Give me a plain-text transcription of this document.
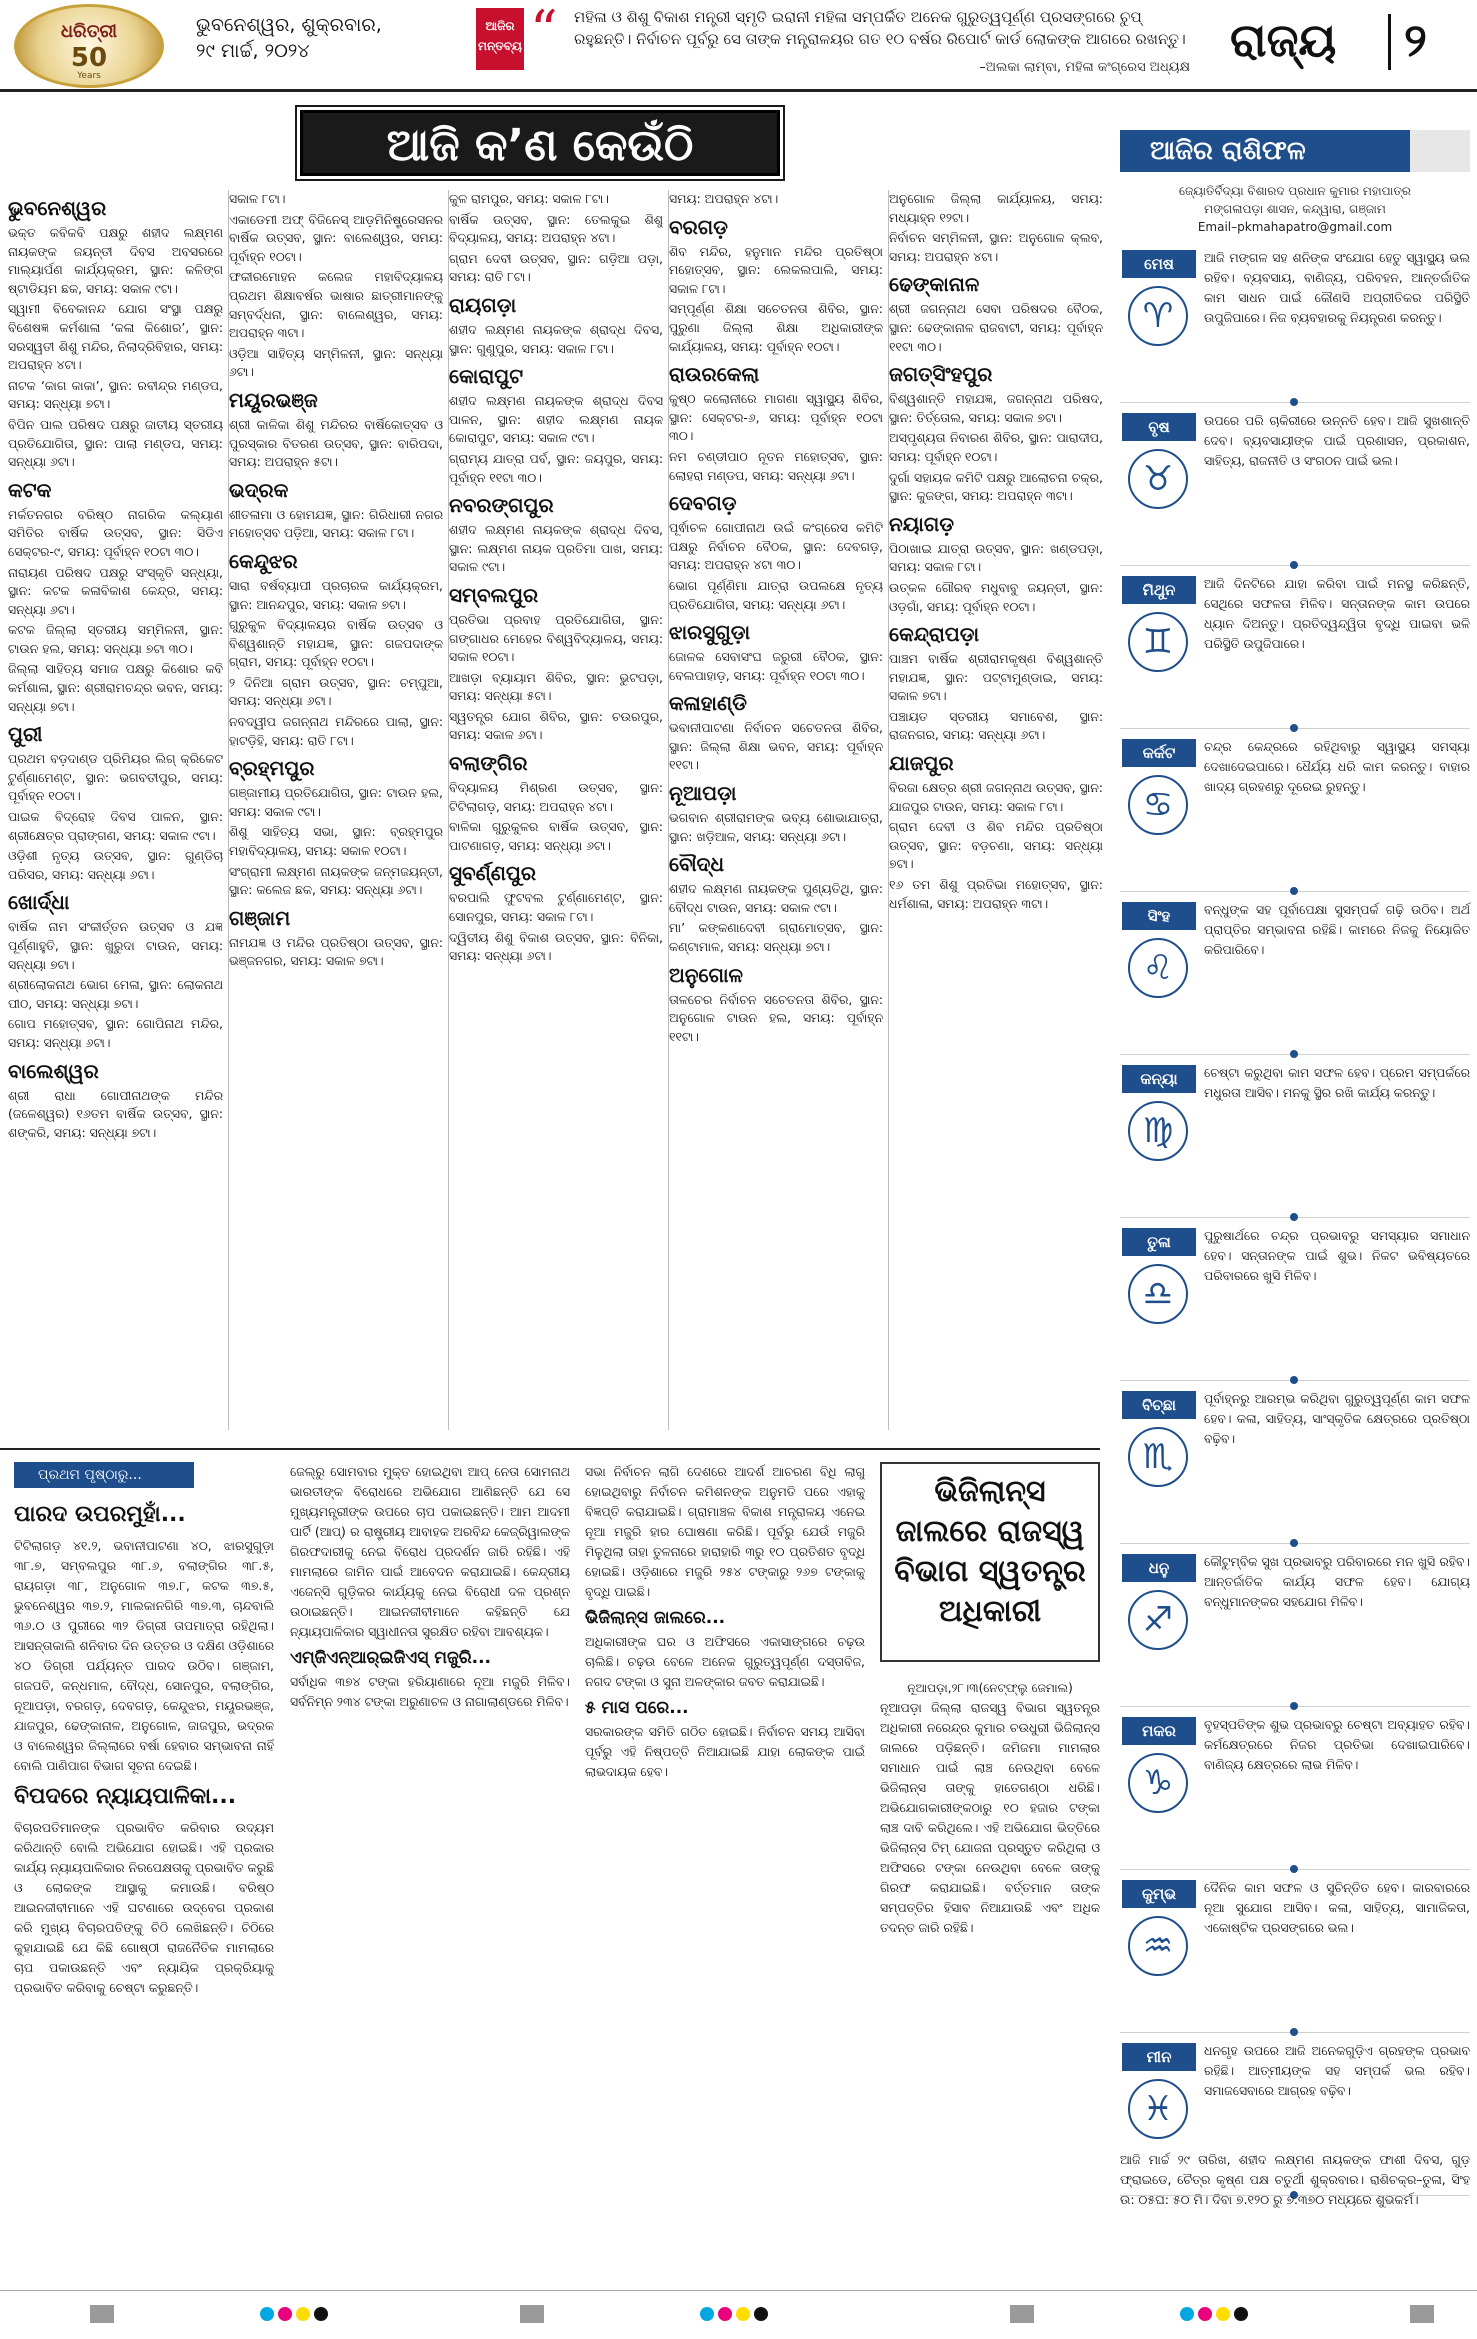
ଧରିତ୍ରୀ
50
Years
ଭୁବନେଶ୍ୱର, ଶୁକ୍ରବାର,
୨୯ ମାର୍ଚ୍ଚ, ୨୦୨୪
ଆଜିର ମନ୍ତବ୍ୟ “ ମହିଳା ଓ ଶିଶୁ ବିକାଶ ମନ୍ତ୍ରୀ ସ୍ମୃତି ଇରାନୀ ମହିଳା ସମ୍ପର୍କିତ ଅନେକ ଗୁରୁତ୍ୱପୂର୍ଣ୍ଣ ପ୍ରସଙ୍ଗରେ ଚୁପ୍ ରହୁଛନ୍ତି। ନିର୍ବାଚନ ପୂର୍ବରୁ ସେ ତାଙ୍କ ମନ୍ତ୍ରାଳୟର ଗତ ୧୦ ବର୍ଷର ରିପୋର୍ଟ କାର୍ଡ ଲୋକଙ୍କ ଆଗରେ ରଖନ୍ତୁ।
–ଅଲକା ଲାମ୍ବା, ମହିଳା କଂଗ୍ରେସ ଅଧ୍ୟକ୍ଷ
ରାଜ୍ୟ ୨
ଆଜି କ’ଣ କେଉଁଠି
ଭୁବନେଶ୍ୱର
ଭକ୍ତ କବିକବି ପକ୍ଷରୁ ଶହୀଦ ଲକ୍ଷ୍ମଣ ନାୟକଙ୍କ ଜୟନ୍ତୀ ଦିବସ ଅବସରରେ ମାଲ୍ୟାର୍ପଣ କାର୍ଯ୍ୟକ୍ରମ, ସ୍ଥାନ: କଳିଙ୍ଗ ଷ୍ଟାଡିୟମ ଛକ, ସମୟ: ସକାଳ ୯ଟା।
ସ୍ୱାମୀ ବିବେକାନନ୍ଦ ଯୋଗ ସଂସ୍ଥା ପକ୍ଷରୁ ବିଶେଷଜ୍ଞ କର୍ମଶାଳା ‘କଳା କିଶୋର’, ସ୍ଥାନ: ସରସ୍ୱତୀ ଶିଶୁ ମନ୍ଦିର, ନିଲାଦ୍ରିବିହାର, ସମୟ: ଅପରାହ୍ନ ୪ଟା।
ନାଟକ ‘କାଗ କାକା’, ସ୍ଥାନ: ରବୀନ୍ଦ୍ର ମଣ୍ଡପ, ସମୟ: ସନ୍ଧ୍ୟା ୭ଟା।
ବିପିନ ପାଲ ପରିଷଦ ପକ୍ଷରୁ ଜାତୀୟ ସ୍ତରୀୟ ପ୍ରତିଯୋଗିତା, ସ୍ଥାନ: ପାଲା ମଣ୍ଡପ, ସମୟ: ସନ୍ଧ୍ୟା ୬ଟା।
କଟକ
ମର୍କତନଗର ବରିଷ୍ଠ ନାଗରିକ କଲ୍ୟାଣ ସମିତିର ବାର୍ଷିକ ଉତ୍ସବ, ସ୍ଥାନ: ସିଡିଏ ସେକ୍ଟର-୯, ସମୟ: ପୂର୍ବାହ୍ନ ୧୦ଟା ୩୦।
ନାରାୟଣ ପରିଷଦ ପକ୍ଷରୁ ସଂସ୍କୃତି ସନ୍ଧ୍ୟା, ସ୍ଥାନ: କଟକ କଳାବିକାଶ କେନ୍ଦ୍ର, ସମୟ: ସନ୍ଧ୍ୟା ୬ଟା।
କଟକ ଜିଲ୍ଲା ସ୍ତରୀୟ ସମ୍ମିଳନୀ, ସ୍ଥାନ: ଟାଉନ ହଲ, ସମୟ: ସନ୍ଧ୍ୟା ୭ଟା ୩୦।
ଜିଲ୍ଲା ସାହିତ୍ୟ ସମାଜ ପକ୍ଷରୁ କିଶୋର କବି କର୍ମଶାଳା, ସ୍ଥାନ: ଶ୍ରୀରାମଚନ୍ଦ୍ର ଭବନ, ସମୟ: ସନ୍ଧ୍ୟା ୭ଟା।
ପୁରୀ
ପ୍ରଥମ ବଡ଼ଦାଣ୍ଡ ପ୍ରିମିୟର ଲିଗ୍ କ୍ରିକେଟ ଟୁର୍ଣ୍ଣାମେଣ୍ଟ, ସ୍ଥାନ: ଭଗବତୀପୁର, ସମୟ: ପୂର୍ବାହ୍ନ ୧୦ଟା।
ପାଇକ ବିଦ୍ରୋହ ଦିବସ ପାଳନ, ସ୍ଥାନ: ଶ୍ରୀକ୍ଷେତ୍ର ପ୍ରାଙ୍ଗଣ, ସମୟ: ସକାଳ ୯ଟା।
ଓଡ଼ିଶୀ ନୃତ୍ୟ ଉତ୍ସବ, ସ୍ଥାନ: ଗୁଣ୍ଡିଚା ପରିସର, ସମୟ: ସନ୍ଧ୍ୟା ୬ଟା।
ଖୋର୍ଦ୍ଧା
ବାର୍ଷିକ ନାମ ସଂକୀର୍ତ୍ତନ ଉତ୍ସବ ଓ ଯଜ୍ଞ ପୂର୍ଣ୍ଣାହୁତି, ସ୍ଥାନ: ଖୁରୁଦା ଟାଉନ, ସମୟ: ସନ୍ଧ୍ୟା ୭ଟା।
ଶ୍ରୀଲୋକନାଥ ଭୋଗ ମେଳା, ସ୍ଥାନ: ଲୋକନାଥ ପୀଠ, ସମୟ: ସନ୍ଧ୍ୟା ୭ଟା।
ଗୋପ ମହୋତ୍ସବ, ସ୍ଥାନ: ଗୋପିନାଥ ମନ୍ଦିର, ସମୟ: ସନ୍ଧ୍ୟା ୬ଟା।
ବାଲେଶ୍ୱର
ଶ୍ରୀ ରାଧା ଗୋପୀନାଥଙ୍କ ମନ୍ଦିର (ଜଳେଶ୍ୱର) ୧୬ତମ ବାର୍ଷିକ ଉତ୍ସବ, ସ୍ଥାନ: ଶଙ୍କରି, ସମୟ: ସନ୍ଧ୍ୟା ୭ଟା।
ସକାଳ ୮ଟା।
ଏକାଡେମୀ ଅଫ୍ ବିଜିନେସ୍ ଆଡ଼ମିନିଷ୍ଟ୍ରେସନର ବାର୍ଷିକ ଉତ୍ସବ, ସ୍ଥାନ: ବାଲେଶ୍ୱର, ସମୟ: ପୂର୍ବାହ୍ନ ୧୦ଟା।
ଫକୀରମୋହନ କଲେଜ ମହାବିଦ୍ୟାଳୟ ପ୍ରଥମ ଶିକ୍ଷାବର୍ଷର ଭାଷାର ଛାତ୍ରୀମାନଙ୍କୁ ସମ୍ବର୍ଦ୍ଧନା, ସ୍ଥାନ: ବାଲେଶ୍ୱର, ସମୟ: ଅପରାହ୍ନ ୩ଟା।
ଓଡ଼ିଆ ସାହିତ୍ୟ ସମ୍ମିଳନୀ, ସ୍ଥାନ: ସନ୍ଧ୍ୟା ୬ଟା।
ମୟୂରଭଞ୍ଜ
ଶ୍ରୀ କାଳିକା ଶିଶୁ ମନ୍ଦିରର ବାର୍ଷିକୋତ୍ସବ ଓ ପୁରସ୍କାର ବିତରଣ ଉତ୍ସବ, ସ୍ଥାନ: ବାରିପଦା, ସମୟ: ଅପରାହ୍ନ ୫ଟା।
ଭଦ୍ରକ
ଶୀତଳାମା ଓ ହୋମଯଜ୍ଞ, ସ୍ଥାନ: ଗିରିଧାରୀ ନଗର ମହୋତ୍ସବ ପଡ଼ିଆ, ସମୟ: ସକାଳ ୮ଟା।
କେନ୍ଦୁଝର
ସାରା ବର୍ଷବ୍ୟାପୀ ପ୍ରଚାରକ କାର୍ଯ୍ୟକ୍ରମ, ସ୍ଥାନ: ଆନନ୍ଦପୁର, ସମୟ: ସକାଳ ୭ଟା।
ଗୁରୁକୁଳ ବିଦ୍ୟାଳୟର ବାର୍ଷିକ ଉତ୍ସବ ଓ ବିଶ୍ୱଶାନ୍ତି ମହାଯଜ୍ଞ, ସ୍ଥାନ: ଗଜପଦାଙ୍କ ଗ୍ରାମ, ସମୟ: ପୂର୍ବାହ୍ନ ୧୦ଟା।
୨ ଦିନିଆ ଗ୍ରାମ ଉତ୍ସବ, ସ୍ଥାନ: ଚମ୍ପୁଆ, ସମୟ: ସନ୍ଧ୍ୟା ୬ଟା।
ନବଦ୍ୱୀପ ଜଗନ୍ନାଥ ମନ୍ଦିରରେ ପାଲା, ସ୍ଥାନ: ହାଟଡ଼ିହି, ସମୟ: ରାତି ୮ଟା।
ବ୍ରହ୍ମପୁର
ଗଞ୍ଜାମୀୟ ପ୍ରତିଯୋଗିତା, ସ୍ଥାନ: ଟାଉନ ହଲ, ସମୟ: ସକାଳ ୯ଟା।
ଶିଶୁ ସାହିତ୍ୟ ସଭା, ସ୍ଥାନ: ବ୍ରହ୍ମପୁର ମହାବିଦ୍ୟାଳୟ, ସମୟ: ସକାଳ ୧୦ଟା।
ସଂଗ୍ରାମୀ ଲକ୍ଷ୍ମଣ ନାୟକଙ୍କ ଜନ୍ମଜୟନ୍ତୀ, ସ୍ଥାନ: କଲେଜ ଛକ, ସମୟ: ସନ୍ଧ୍ୟା ୬ଟା।
ଗଞ୍ଜାମ
ନାମଯଜ୍ଞ ଓ ମନ୍ଦିର ପ୍ରତିଷ୍ଠା ଉତ୍ସବ, ସ୍ଥାନ: ଭଞ୍ଜନଗର, ସମୟ: ସକାଳ ୭ଟା।
କୁଳ ରାମପୁର, ସମୟ: ସକାଳ ୮ଟା।
ବାର୍ଷିକ ଉତ୍ସବ, ସ୍ଥାନ: ତେଲକୁଇ ଶିଶୁ ବିଦ୍ୟାଳୟ, ସମୟ: ଅପରାହ୍ନ ୪ଟା।
ଗ୍ରାମ ଦେବୀ ଉତ୍ସବ, ସ୍ଥାନ: ଗଡ଼ିଆ ପଡ଼ା, ସମୟ: ରାତି ୮ଟା।
ରାୟଗଡ଼ା
ଶହୀଦ ଲକ୍ଷ୍ମଣ ନାୟକଙ୍କ ଶ୍ରାଦ୍ଧ ଦିବସ, ସ୍ଥାନ: ଗୁଣୁପୁର, ସମୟ: ସକାଳ ୮ଟା।
କୋରାପୁଟ
ଶହୀଦ ଲକ୍ଷ୍ମଣ ନାୟକଙ୍କ ଶ୍ରାଦ୍ଧ ଦିବସ ପାଳନ, ସ୍ଥାନ: ଶହୀଦ ଲକ୍ଷ୍ମଣ ନାୟକ କୋରାପୁଟ, ସମୟ: ସକାଳ ୯ଟା।
ଗ୍ରାମ୍ୟ ଯାତ୍ରା ପର୍ବ, ସ୍ଥାନ: ଜୟପୁର, ସମୟ: ପୂର୍ବାହ୍ନ ୧୧ଟା ୩୦।
ନବରଙ୍ଗପୁର
ଶହୀଦ ଲକ୍ଷ୍ମଣ ନାୟକଙ୍କ ଶ୍ରାଦ୍ଧ ଦିବସ, ସ୍ଥାନ: ଲକ୍ଷ୍ମଣ ନାୟକ ପ୍ରତିମା ପାଖ, ସମୟ: ସକାଳ ୯ଟା।
ସମ୍ବଲପୁର
ପ୍ରତିଭା ପ୍ରବାହ ପ୍ରତିଯୋଗିତା, ସ୍ଥାନ: ଗଙ୍ଗାଧର ମେହେର ବିଶ୍ୱବିଦ୍ୟାଳୟ, ସମୟ: ସକାଳ ୧୦ଟା।
ଆଖଡ଼ା ବ୍ୟାୟାମ ଶିବିର, ସ୍ଥାନ: ଭୁଟପଡ଼ା, ସମୟ: ସନ୍ଧ୍ୟା ୫ଟା।
ସ୍ୱତନ୍ତ୍ର ଯୋଗ ଶିବିର, ସ୍ଥାନ: ଚଉରପୁର, ସମୟ: ସକାଳ ୬ଟା।
ବଲାଙ୍ଗିର
ବିଦ୍ୟାଳୟ ମିଶ୍ରଣ ଉତ୍ସବ, ସ୍ଥାନ: ଟିଟିଲାଗଡ଼, ସମୟ: ଅପରାହ୍ନ ୪ଟା।
ବାଳିକା ଗୁରୁକୁଳର ବାର୍ଷିକ ଉତ୍ସବ, ସ୍ଥାନ: ପାଟଣାଗଡ଼, ସମୟ: ସନ୍ଧ୍ୟା ୬ଟା।
ସୁବର୍ଣ୍ଣପୁର
ବରପାଲି ଫୁଟବଲ ଟୁର୍ଣ୍ଣାମେଣ୍ଟ, ସ୍ଥାନ: ସୋନପୁର, ସମୟ: ସକାଳ ୮ଟା।
ଦ୍ୱିତୀୟ ଶିଶୁ ବିକାଶ ଉତ୍ସବ, ସ୍ଥାନ: ବିନିକା, ସମୟ: ସନ୍ଧ୍ୟା ୬ଟା।
ସମୟ: ଅପରାହ୍ନ ୪ଟା।
ବରଗଡ଼
ଶିବ ମନ୍ଦିର, ହନୁମାନ ମନ୍ଦିର ପ୍ରତିଷ୍ଠା ମହୋତ୍ସବ, ସ୍ଥାନ: ଲେକଲପାଲି, ସମୟ: ସକାଳ ୮ଟା।
ସମ୍ପୂର୍ଣ୍ଣ ଶିକ୍ଷା ସଚେତନତା ଶିବିର, ସ୍ଥାନ: ପୁରୁଣା ଜିଲ୍ଲା ଶିକ୍ଷା ଅଧିକାରୀଙ୍କ କାର୍ଯ୍ୟାଳୟ, ସମୟ: ପୂର୍ବାହ୍ନ ୧୦ଟା।
ରାଉରକେଲା
କୁଷ୍ଠ କଲୋନୀରେ ମାଗଣା ସ୍ୱାସ୍ଥ୍ୟ ଶିବିର, ସ୍ଥାନ: ସେକ୍ଟର-୬, ସମୟ: ପୂର୍ବାହ୍ନ ୧୦ଟା ୩୦।
ନମ ଚଣ୍ଡୀପାଠ ନୂତନ ମହୋତ୍ସବ, ସ୍ଥାନ: ଲୋହରା ମଣ୍ଡପ, ସମୟ: ସନ୍ଧ୍ୟା ୬ଟା।
ଦେବଗଡ଼
ପୂର୍ଵାଚଳ ଗୋପୀନାଥ ଉଇଁ କଂଗ୍ରେସ କମିଟି ପକ୍ଷରୁ ନିର୍ବାଚନ ବୈଠକ, ସ୍ଥାନ: ଦେବଗଡ଼, ସମୟ: ଅପରାହ୍ନ ୪ଟା ୩୦।
ଭୋଗ ପୂର୍ଣ୍ଣିମା ଯାତ୍ରା ଉପଲକ୍ଷେ ନୃତ୍ୟ ପ୍ରତିଯୋଗିତା, ସମୟ: ସନ୍ଧ୍ୟା ୬ଟା।
ଝାରସୁଗୁଡ଼ା
ଜୋଳକ ସେବାସଂଘ ଜରୁରୀ ବୈଠକ, ସ୍ଥାନ: ବେଲପାହାଡ଼, ସମୟ: ପୂର୍ବାହ୍ନ ୧୦ଟା ୩୦।
କଳାହାଣ୍ଡି
ଭବାନୀପାଟଣା ନିର୍ବାଚନ ସଚେତନତା ଶିବିର, ସ୍ଥାନ: ଜିଲ୍ଲା ଶିକ୍ଷା ଭବନ, ସମୟ: ପୂର୍ବାହ୍ନ ୧୧ଟା।
ନୂଆପଡ଼ା
ଭଗବାନ ଶ୍ରୀରାମଙ୍କ ଭବ୍ୟ ଶୋଭାଯାତ୍ରା, ସ୍ଥାନ: ଖଡ଼ିଆଳ, ସମୟ: ସନ୍ଧ୍ୟା ୬ଟା।
ବୌଦ୍ଧ
ଶହୀଦ ଲକ୍ଷ୍ମଣ ନାୟକଙ୍କ ପୁଣ୍ୟତିଥି, ସ୍ଥାନ: ବୌଦ୍ଧ ଟାଉନ, ସମୟ: ସକାଳ ୯ଟା।
ମା’ କଙ୍କଣାଦେବୀ ଗ୍ରାମୋତ୍ସବ, ସ୍ଥାନ: କଣ୍ଟାମାଳ, ସମୟ: ସନ୍ଧ୍ୟା ୭ଟା।
ଅନୁଗୋଳ
ତାଳଚେର ନିର୍ବାଚନ ସଚେତନତା ଶିବିର, ସ୍ଥାନ: ଅନୁଗୋଳ ଟାଉନ ହଲ, ସମୟ: ପୂର୍ବାହ୍ନ ୧୧ଟା।
ଅନୁଗୋଳ ଜିଲ୍ଲା କାର୍ଯ୍ୟାଳୟ, ସମୟ: ମଧ୍ୟାହ୍ନ ୧୨ଟା।
ନିର୍ବାଚନ ସମ୍ମିଳନୀ, ସ୍ଥାନ: ଅନୁଗୋଳ କ୍ଲବ, ସମୟ: ଅପରାହ୍ନ ୪ଟା।
ଢେଙ୍କାନାଳ
ଶ୍ରୀ ଜଗନ୍ନାଥ ସେବା ପରିଷଦର ବୈଠକ, ସ୍ଥାନ: ଢେଙ୍କାନାଳ ରାଜବାଟୀ, ସମୟ: ପୂର୍ବାହ୍ନ ୧୧ଟା ୩୦।
ଜଗତ୍‌ସିଂହପୁର
ବିଶ୍ୱଶାନ୍ତି ମହାଯଜ୍ଞ, ଜଗନ୍ନାଥ ପରିଷଦ, ସ୍ଥାନ: ତିର୍ତ୍ତୋଲ, ସମୟ: ସକାଳ ୭ଟା।
ଅସ୍ପୃଶ୍ୟତା ନିବାରଣ ଶିବିର, ସ୍ଥାନ: ପାରାଦୀପ, ସମୟ: ପୂର୍ବାହ୍ନ ୧୦ଟା।
ଦୁର୍ଗା ସହାୟକ କମିଟି ପକ୍ଷରୁ ଆଲୋଚନା ଚକ୍ର, ସ୍ଥାନ: କୁଜଙ୍ଗ, ସମୟ: ଅପରାହ୍ନ ୩ଟା।
ନୟାଗଡ଼
ପିଠାଖାଇ ଯାତ୍ରା ଉତ୍ସବ, ସ୍ଥାନ: ଖଣ୍ଡପଡ଼ା, ସମୟ: ସକାଳ ୮ଟା।
ଉତ୍କଳ ଗୌରବ ମଧୁବାବୁ ଜୟନ୍ତୀ, ସ୍ଥାନ: ଓଡ଼ଗାଁ, ସମୟ: ପୂର୍ବାହ୍ନ ୧୦ଟା।
କେନ୍ଦ୍ରାପଡ଼ା
ପାଞ୍ଚମ ବାର୍ଷିକ ଶ୍ରୀରାମକୃଷ୍ଣ ବିଶ୍ୱଶାନ୍ତି ମହାଯଜ୍ଞ, ସ୍ଥାନ: ପଟ୍ଟାମୁଣ୍ଡାଇ, ସମୟ: ସକାଳ ୭ଟା।
ପଞ୍ଚାୟତ ସ୍ତରୀୟ ସମାବେଶ, ସ୍ଥାନ: ରାଜନଗର, ସମୟ: ସନ୍ଧ୍ୟା ୬ଟା।
ଯାଜପୁର
ବିରଜା କ୍ଷେତ୍ର ଶ୍ରୀ ଜଗନ୍ନାଥ ଉତ୍ସବ, ସ୍ଥାନ: ଯାଜପୁର ଟାଉନ, ସମୟ: ସକାଳ ୮ଟା।
ଗ୍ରାମ ଦେବୀ ଓ ଶିବ ମନ୍ଦିର ପ୍ରତିଷ୍ଠା ଉତ୍ସବ, ସ୍ଥାନ: ବଡ଼ଚଣା, ସମୟ: ସନ୍ଧ୍ୟା ୭ଟା।
୧୬ ତମ ଶିଶୁ ପ୍ରତିଭା ମହୋତ୍ସବ, ସ୍ଥାନ: ଧର୍ମଶାଳା, ସମୟ: ଅପରାହ୍ନ ୩ଟା।
ଆଜିର ରାଶିଫଳ
ଜ୍ୟୋତିର୍ବିଦ୍ୟା ବିଶାରଦ ପ୍ରଧାନ କୁମାର ମହାପାତ୍ର
ମଙ୍ଗଳାପଡ଼ା ଶାସନ, କନ୍ଦ୍ୱାରା, ଗଞ୍ଜାମ
Email–pkmahapatro@gmail.com
ମେଷ
♈
ଆଜି ମଙ୍ଗଳ ସହ ଶନିଙ୍କ ସଂଯୋଗ ହେତୁ ସ୍ୱାସ୍ଥ୍ୟ ଭଲ ରହିବ। ବ୍ୟବସାୟ, ବାଣିଜ୍ୟ, ପରିବହନ, ଆନ୍ତର୍ଜାତିକ କାମ ସାଧନ ପାଇଁ କୌଣସି ଅପ୍ରୀତିକର ପରିସ୍ଥିତି ଉପୁଜିପାରେ। ନିଜ ବ୍ୟବହାରକୁ ନିୟନ୍ତ୍ରଣ କରନ୍ତୁ।
ବୃଷ
♉
ଉପରେ ପରି ଚାକିରୀରେ ଉନ୍ନତି ହେବ। ଆଜି ସୁଖଶାନ୍ତି ଦେବ। ବ୍ୟବସାୟୀଙ୍କ ପାଇଁ ପ୍ରଶାସନ, ପ୍ରକାଶନ, ସାହିତ୍ୟ, ରାଜନୀତି ଓ ସଂଗଠନ ପାଇଁ ଭଲ।
ମିଥୁନ
♊
ଆଜି ଦିନଟିରେ ଯାହା କରିବା ପାଇଁ ମନସ୍ଥ କରିଛନ୍ତି, ସେଥିରେ ସଫଳତା ମିଳିବ। ସନ୍ତାନଙ୍କ କାମ ଉପରେ ଧ୍ୟାନ ଦିଅନ୍ତୁ। ପ୍ରତିଦ୍ୱନ୍ଦ୍ୱିତା ବୃଦ୍ଧି ପାଇବା ଭଳି ପରିସ୍ଥିତି ଉପୁଜିପାରେ।
କର୍କଟ
♋
ଚନ୍ଦ୍ର କେନ୍ଦ୍ରରେ ରହିଥିବାରୁ ସ୍ୱାସ୍ଥ୍ୟ ସମସ୍ୟା ଦେଖାଦେଇପାରେ। ଧୈର୍ଯ୍ୟ ଧରି କାମ କରନ୍ତୁ। ବାହାର ଖାଦ୍ୟ ଗ୍ରହଣରୁ ଦୂରେଇ ରୁହନ୍ତୁ।
ସିଂହ
♌
ବନ୍ଧୁଙ୍କ ସହ ପୂର୍ବାପେକ୍ଷା ସୁସମ୍ପର୍କ ଗଢ଼ି ଉଠିବ। ଅର୍ଥ ପ୍ରାପ୍ତିର ସମ୍ଭାବନା ରହିଛି। କାମରେ ନିଜକୁ ନିୟୋଜିତ କରିପାରିବେ।
କନ୍ୟା
♍
ଚେଷ୍ଟା କରୁଥିବା କାମ ସଫଳ ହେବ। ପ୍ରେମ ସମ୍ପର୍କରେ ମଧୁରତା ଆସିବ। ମନକୁ ସ୍ଥିର ରଖି କାର୍ଯ୍ୟ କରନ୍ତୁ।
ତୁଳା
♎
ପୁରୁଷାର୍ଥରେ ଚନ୍ଦ୍ର ପ୍ରଭାବରୁ ସମସ୍ୟାର ସମାଧାନ ହେବ। ସନ୍ତାନଙ୍କ ପାଇଁ ଶୁଭ। ନିକଟ ଭବିଷ୍ୟତରେ ପରିବାରରେ ଖୁସି ମିଳିବ।
ବିଚ୍ଛା
♏
ପୂର୍ବାହ୍ନରୁ ଆରମ୍ଭ କରିଥିବା ଗୁରୁତ୍ୱପୂର୍ଣ୍ଣ କାମ ସଫଳ ହେବ। କଳା, ସାହିତ୍ୟ, ସାଂସ୍କୃତିକ କ୍ଷେତ୍ରରେ ପ୍ରତିଷ୍ଠା ବଢ଼ିବ।
ଧନୁ
♐
କୌଟୁମ୍ବିକ ସୁଖ ପ୍ରଭାବରୁ ପରିବାରରେ ମନ ଖୁସି ରହିବ। ଆନ୍ତର୍ଜାତିକ କାର୍ଯ୍ୟ ସଫଳ ହେବ। ଯୋଗ୍ୟ ବନ୍ଧୁମାନଙ୍କର ସହଯୋଗ ମିଳିବ।
ମକର
♑
ବୃହସ୍ପତିଙ୍କ ଶୁଭ ପ୍ରଭାବରୁ ଚେଷ୍ଟା ଅବ୍ୟାହତ ରହିବ। କର୍ମକ୍ଷେତ୍ରରେ ନିଜର ପ୍ରତିଭା ଦେଖାଇପାରିବେ। ବାଣିଜ୍ୟ କ୍ଷେତ୍ରରେ ଲାଭ ମିଳିବ।
କୁମ୍ଭ
♒
ଦୈନିକ କାମ ସଫଳ ଓ ସୁଚିନ୍ତିତ ହେବ। କାରବାରରେ ନୂଆ ସୁଯୋଗ ଆସିବ। କଳା, ସାହିତ୍ୟ, ସାମାଜିକତା, ଏକୋଷ୍ଟିକ ପ୍ରସଙ୍ଗରେ ଭଲ।
ମୀନ
♓
ଧନଗୃହ ଉପରେ ଆଜି ଅନେକଗୁଡ଼ିଏ ଗ୍ରହଙ୍କ ପ୍ରଭାବ ରହିଛି। ଆତ୍ମୀୟଙ୍କ ସହ ସମ୍ପର୍କ ଭଲ ରହିବ। ସମାଜସେବାରେ ଆଗ୍ରହ ବଢ଼ିବ।
ଆଜି ମାର୍ଚ୍ଚ ୨୯ ତାରିଖ, ଶହୀଦ ଲକ୍ଷ୍ମଣ ନାୟକଙ୍କ ଫାଶୀ ଦିବସ, ଗୁଡ଼ ଫ୍ରାଇଡେ, ଚୈତ୍ର କୃଷ୍ଣ ପକ୍ଷ ଚତୁର୍ଥୀ ଶୁକ୍ରବାର। ରାଶିଚକ୍ର–ତୁଳା, ସିଂହ ଉ: ୦୫ଘ: ୫୦ ମି। ଦିବା ୭.୧୨୦ ରୁ ୭.୩୭୦ ମଧ୍ୟରେ ଶୁଭକର୍ମ।
ପାରଦ ଉପରମୁହାଁ...
ଟିଟିଲାଗଡ଼ ୪୧.୨, ଭବାନୀପାଟଣା ୪୦, ଝାରସୁଗୁଡ଼ା ୩୮.୭, ସମ୍ବଲପୁର ୩୮.୬, ବଲାଙ୍ଗିର ୩୮.୫, ରାୟଗଡ଼ା ୩୮, ଅନୁଗୋଳ ୩୭.୮, କଟକ ୩୭.୫, ଭୁବନେଶ୍ୱର ୩୭.୨, ମାଲକାନଗିରି ୩୭.୩, ଚାନ୍ଦବାଲି ୩୬.୦ ଓ ପୁରୀରେ ୩୨ ଡିଗ୍ରୀ ତାପମାତ୍ରା ରହିଥିଲା। ଆସନ୍ତାକାଲି ଶନିବାର ଦିନ ଉତ୍ତର ଓ ଦକ୍ଷିଣ ଓଡ଼ିଶାରେ ୪୦ ଡିଗ୍ରୀ ପର୍ଯ୍ୟନ୍ତ ପାରଦ ଉଠିବ। ଗଞ୍ଜାମ, ଗଜପତି, କନ୍ଧମାଳ, ବୌଦ୍ଧ, ସୋନପୁର, ବଲାଙ୍ଗିର, ନୂଆପଡ଼ା, ବରଗଡ଼, ଦେବଗଡ଼, କେନ୍ଦୁଝର, ମୟୂରଭଞ୍ଜ, ଯାଜପୁର, ଢେଙ୍କାନାଳ, ଅନୁଗୋଳ, ଜାଜପୁର, ଭଦ୍ରକ ଓ ବାଲେଶ୍ୱର ଜିଲ୍ଲାରେ ବର୍ଷା ହେବାର ସମ୍ଭାବନା ନାହିଁ ବୋଲି ପାଣିପାଗ ବିଭାଗ ସୂଚନା ଦେଇଛି।
ବିପଦରେ ନ୍ୟାୟପାଳିକା...
ବିଚାରପତିମାନଙ୍କ ପ୍ରଭାବିତ କରିବାର ଉଦ୍ୟମ କରିଥାନ୍ତି ବୋଲି ଅଭିଯୋଗ ହୋଇଛି। ଏହି ପ୍ରକାର କାର୍ଯ୍ୟ ନ୍ୟାୟପାଳିକାର ନିରପେକ୍ଷତାକୁ ପ୍ରଭାବିତ କରୁଛି ଓ ଲୋକଙ୍କ ଆସ୍ଥାକୁ କମାଉଛି। ବରିଷ୍ଠ ଆଇନଜୀବୀମାନେ ଏହି ଘଟଣାରେ ଉଦ୍‌ବେଗ ପ୍ରକାଶ କରି ମୁଖ୍ୟ ବିଚାରପତିଙ୍କୁ ଚିଠି ଲେଖିଛନ୍ତି। ଚିଠିରେ କୁହାଯାଇଛି ଯେ କିଛି ଗୋଷ୍ଠୀ ରାଜନୈତିକ ମାମଲାରେ ଚାପ ପକାଉଛନ୍ତି ଏବଂ ନ୍ୟାୟିକ ପ୍ରକ୍ରିୟାକୁ ପ୍ରଭାବିତ କରିବାକୁ ଚେଷ୍ଟା କରୁଛନ୍ତି।
ପ୍ରଥମ ପୃଷ୍ଠାରୁ...	ଜେଲ୍‌ରୁ ସୋମବାର ମୁକ୍ତ ହୋଇଥିବା ଆପ୍ ନେତା ସୋମନାଥ ଭାରତୀଙ୍କ ବିରୋଧରେ ଅଭିଯୋଗ ଆଣିଛନ୍ତି ଯେ ସେ ମୁଖ୍ୟମନ୍ତ୍ରୀଙ୍କ ଉପରେ ଚାପ ପକାଇଛନ୍ତି। ଆମ ଆଦମୀ ପାର୍ଟି (ଆପ୍) ର ରାଷ୍ଟ୍ରୀୟ ଆବାହକ ଅରବିନ୍ଦ କେଜ୍ରିୱାଲଙ୍କ ଗିରଫଦାରୀକୁ ନେଇ ବିରୋଧ ପ୍ରଦର୍ଶନ ଜାରି ରହିଛି। ଏହି ମାମଲାରେ ଜାମିନ ପାଇଁ ଆବେଦନ କରାଯାଇଛି। କେନ୍ଦ୍ରୀୟ ଏଜେନ୍ସି ଗୁଡ଼ିକର କାର୍ଯ୍ୟକୁ ନେଇ ବିରୋଧୀ ଦଳ ପ୍ରଶ୍ନ ଉଠାଇଛନ୍ତି। ଆଇନଜୀବୀମାନେ କହିଛନ୍ତି ଯେ ନ୍ୟାୟପାଳିକାର ସ୍ୱାଧୀନତା ସୁରକ୍ଷିତ ରହିବା ଆବଶ୍ୟକ।
ଏମ୍‌ଜିଏନ୍‌ଆର୍‌ଇଜିଏସ୍ ମଜୁରି...
ସର୍ବାଧିକ ୩୭୪ ଟଙ୍କା ହରିୟାଣାରେ ନୂଆ ମଜୁରି ମିଳିବ। ସର୍ବନିମ୍ନ ୨୩୪ ଟଙ୍କା ଅରୁଣାଚଳ ଓ ନାଗାଲାଣ୍ଡରେ ମିଳିବ।
ସଭା ନିର୍ବାଚନ ଲାଗି ଦେଶରେ ଆଦର୍ଶ ଆଚରଣ ବିଧି ଲାଗୁ ହୋଇଥିବାରୁ ନିର୍ବାଚନ କମିଶନଙ୍କ ଅନୁମତି ପରେ ଏହାକୁ ବିଜ୍ଞପ୍ତି କରାଯାଇଛି। ଗ୍ରାମାଞ୍ଚଳ ବିକାଶ ମନ୍ତ୍ରାଳୟ ଏନେଇ ନୂଆ ମଜୁରି ହାର ଘୋଷଣା କରିଛି। ପୂର୍ବରୁ ଯେଉଁ ମଜୁରି ମିଳୁଥିଲା ତାହା ତୁଳନାରେ ହାରାହାରି ୩ରୁ ୧୦ ପ୍ରତିଶତ ବୃଦ୍ଧି ହୋଇଛି। ଓଡ଼ିଶାରେ ମଜୁରି ୨୫୪ ଟଙ୍କାରୁ ୨୬୭ ଟଙ୍କାକୁ ବୃଦ୍ଧି ପାଇଛି।
ଭିଜିଲାନ୍ସ ଜାଲରେ...
ଅଧିକାରୀଙ୍କ ଘର ଓ ଅଫିସରେ ଏକାସାଙ୍ଗରେ ଚଢ଼ଉ ଚାଲିଛି। ଚଢ଼ଉ ବେଳେ ଅନେକ ଗୁରୁତ୍ୱପୂର୍ଣ୍ଣ ଦସ୍ତାବିଜ, ନଗଦ ଟଙ୍କା ଓ ସୁନା ଅଳଙ୍କାର ଜବତ କରାଯାଇଛି।
୫ ମାସ ପରେ...
ସରକାରଙ୍କ ସମିତି ଗଠିତ ହୋଇଛି। ନିର୍ବାଚନ ସମୟ ଆସିବା ପୂର୍ବରୁ ଏହି ନିଷ୍ପତ୍ତି ନିଆଯାଇଛି ଯାହା ଲୋକଙ୍କ ପାଇଁ ଲାଭଦାୟକ ହେବ।
ଭିଜିଲାନ୍ସ ଜାଲରେ ରାଜସ୍ୱ ବିଭାଗ ସ୍ୱତନ୍ତ୍ର ଅଧିକାରୀ
ନୂଆପଡ଼ା,୨୮।୩(ନେଟ୍‌ଫ୍ଲୁ ଜେମାଲ)
ନୂଆପଡ଼ା ଜିଲ୍ଲା ରାଜସ୍ୱ ବିଭାଗ ସ୍ୱତନ୍ତ୍ର ଅଧିକାରୀ ନରେନ୍ଦ୍ର କୁମାର ଚଉଧୁରୀ ଭିଜିଲାନ୍ସ ଜାଲରେ ପଡ଼ିଛନ୍ତି। ଜମିଜମା ମାମଲାର ସମାଧାନ ପାଇଁ ଲାଞ୍ଚ ନେଉଥିବା ବେଳେ ଭିଜିଲାନ୍ସ ତାଙ୍କୁ ହାତେଗଣ୍ଠା ଧରିଛି। ଅଭିଯୋଗକାରୀଙ୍କଠାରୁ ୧୦ ହଜାର ଟଙ୍କା ଲାଞ୍ଚ ଦାବି କରିଥିଲେ। ଏହି ଅଭିଯୋଗ ଭିତ୍ତିରେ ଭିଜିଲାନ୍ସ ଟିମ୍ ଯୋଜନା ପ୍ରସ୍ତୁତ କରିଥିଲା ଓ ଅଫିସରେ ଟଙ୍କା ନେଉଥିବା ବେଳେ ତାଙ୍କୁ ଗିରଫ କରାଯାଇଛି। ବର୍ତ୍ତମାନ ତାଙ୍କ ସମ୍ପତ୍ତିର ହିସାବ ନିଆଯାଉଛି ଏବଂ ଅଧିକ ତଦନ୍ତ ଜାରି ରହିଛି।
